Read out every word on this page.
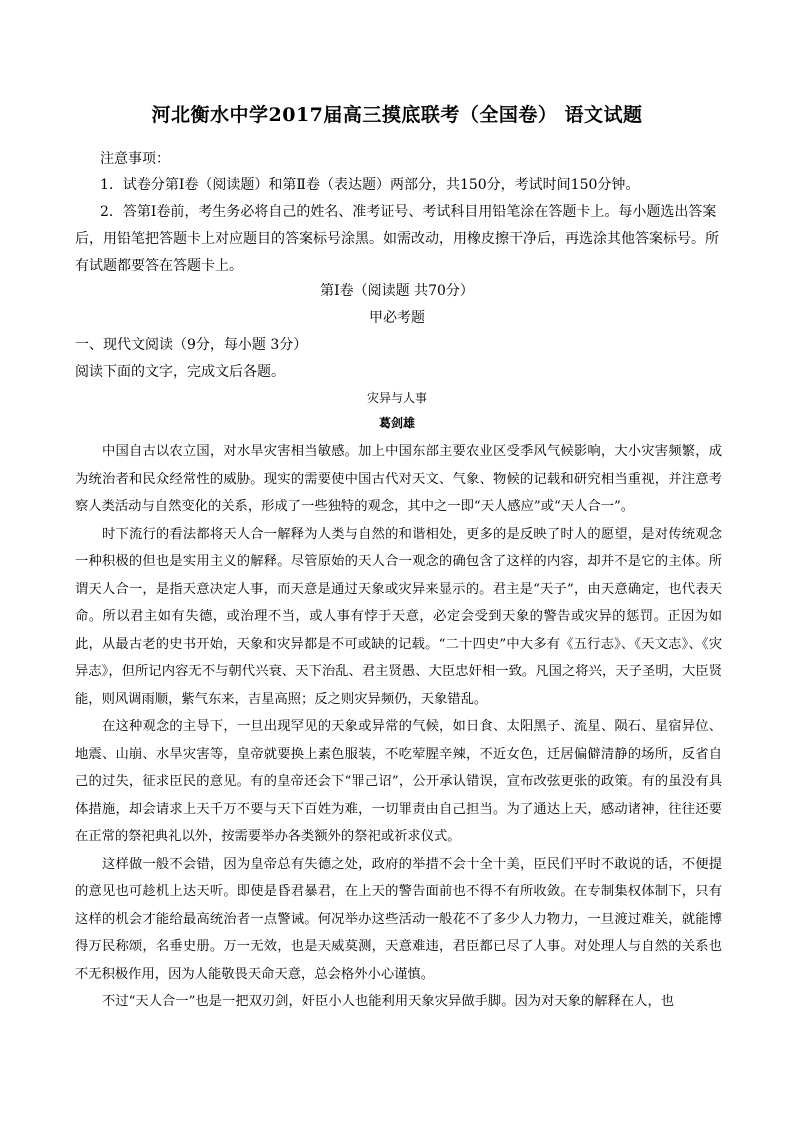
河北衡水中学2017届高三摸底联考（全国卷） 语文试题
注意事项：
1．试卷分第Ⅰ卷（阅读题）和第Ⅱ卷（表达题）两部分，共150分，考试时间150分钟。
2．答第Ⅰ卷前，考生务必将自己的姓名、准考证号、考试科目用铅笔涂在答题卡上。每小题选出答案后，用铅笔把答题卡上对应题目的答案标号涂黑。如需改动，用橡皮擦干净后，再选涂其他答案标号。所有试题都要答在答题卡上。
第Ⅰ卷（阅读题 共70分）
甲必考题
一、现代文阅读（9分，每小题 3分）
阅读下面的文字，完成文后各题。
灾异与人事
葛剑雄

中国自古以农立国，对水旱灾害相当敏感。加上中国东部主要农业区受季风气候影响，大小灾害频繁，成为统治者和民众经常性的威胁。现实的需要使中国古代对天文、气象、物候的记载和研究相当重视，并注意考察人类活动与自然变化的关系，形成了一些独特的观念，其中之一即“天人感应”或“天人合一”。

时下流行的看法都将天人合一解释为人类与自然的和谐相处，更多的是反映了时人的愿望，是对传统观念一种积极的但也是实用主义的解释。尽管原始的天人合一观念的确包含了这样的内容，却并不是它的主体。所谓天人合一，是指天意决定人事，而天意是通过天象或灾异来显示的。君主是“天子”，由天意确定，也代表天命。所以君主如有失德，或治理不当，或人事有悖于天意，必定会受到天象的警告或灾异的惩罚。正因为如此，从最古老的史书开始，天象和灾异都是不可或缺的记载。“二十四史”中大多有《五行志》、《天文志》、《灾异志》，但所记内容无不与朝代兴衰、天下治乱、君主贤愚、大臣忠奸相一致。凡国之将兴，天子圣明，大臣贤能，则风调雨顺，紫气东来，吉星高照；反之则灾异频仍，天象错乱。

在这种观念的主导下，一旦出现罕见的天象或异常的气候，如日食、太阳黑子、流星、陨石、星宿异位、地震、山崩、水旱灾害等，皇帝就要换上素色服装，不吃荤腥辛辣，不近女色，迁居偏僻清静的场所，反省自己的过失，征求臣民的意见。有的皇帝还会下“罪己诏”，公开承认错误，宣布改弦更张的政策。有的虽没有具体措施，却会请求上天千万不要与天下百姓为难，一切罪责由自己担当。为了通达上天，感动诸神，往往还要在正常的祭祀典礼以外，按需要举办各类额外的祭祀或祈求仪式。

这样做一般不会错，因为皇帝总有失德之处，政府的举措不会十全十美，臣民们平时不敢说的话，不便提的意见也可趁机上达天听。即使是昏君暴君，在上天的警告面前也不得不有所收敛。在专制集权体制下，只有这样的机会才能给最高统治者一点警诫。何况举办这些活动一般花不了多少人力物力，一旦渡过难关，就能博得万民称颂，名垂史册。万一无效，也是天威莫测，天意难违，君臣都已尽了人事。对处理人与自然的关系也不无积极作用，因为人能敬畏天命天意，总会格外小心谨慎。

不过“天人合一”也是一把双刃剑，奸臣小人也能利用天象灾异做手脚。因为对天象的解释在人，也
